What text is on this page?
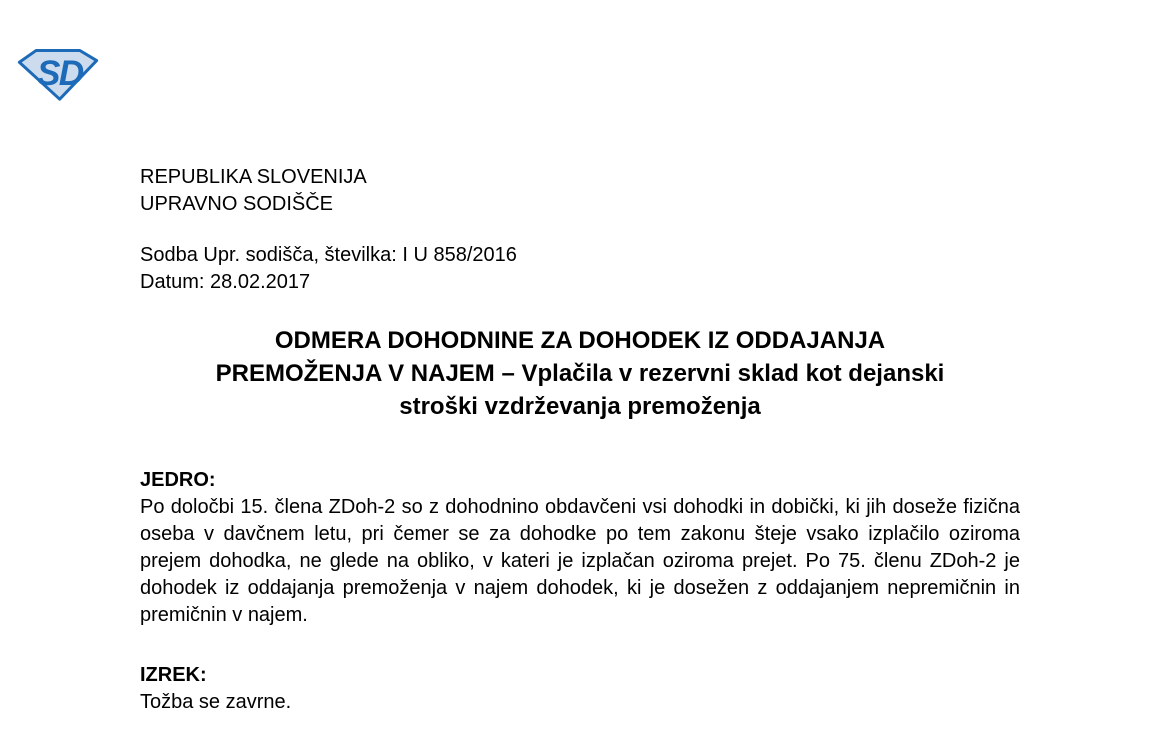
SD
REPUBLIKA SLOVENIJA
UPRAVNO SODIŠČE
Sodba Upr. sodišča, številka: I U 858/2016
Datum: 28.02.2017
ODMERA DOHODNINE ZA DOHODEK IZ ODDAJANJA
PREMOŽENJA V NAJEM – Vplačila v rezervni sklad kot dejanski
stroški vzdrževanja premoženja
JEDRO:

Po določbi 15. člena ZDoh-2 so z dohodnino obdavčeni vsi dohodki in dobički, ki jih doseže fizična oseba v davčnem letu, pri čemer se za dohodke po tem zakonu šteje vsako izplačilo oziroma prejem dohodka, ne glede na obliko, v kateri je izplačan oziroma prejet. Po 75. členu ZDoh-2 je dohodek iz oddajanja premoženja v najem dohodek, ki je dosežen z oddajanjem nepremičnin in premičnin v najem.

IZREK:

Tožba se zavrne.
